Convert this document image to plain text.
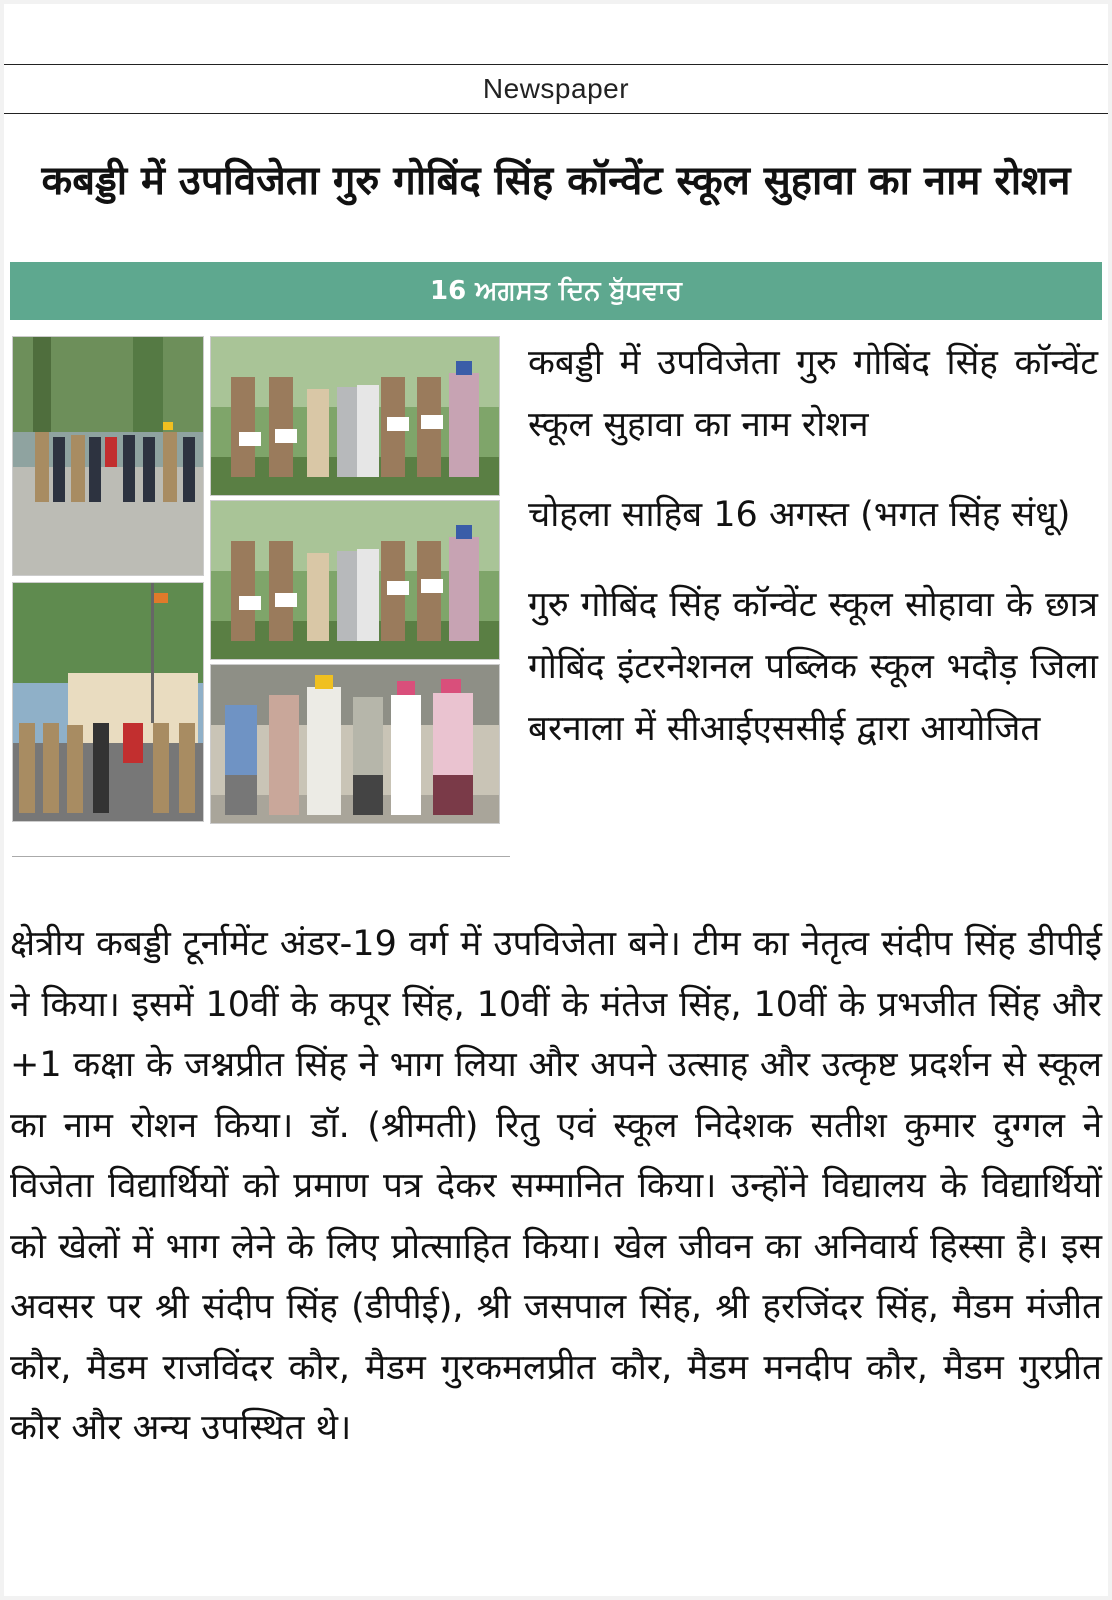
Newspaper
कबड्डी में उपविजेता गुरु गोबिंद सिंह कॉन्वेंट स्कूल सुहावा का नाम रोशन
16 ਅਗਸਤ ਦਿਨ ਬੁੱਧਵਾਰ

कबड्डी में उपविजेता गुरु गोबिंद सिंह कॉन्वेंट स्कूल सुहावा का नाम रोशन

चोहला साहिब 16 अगस्त (भगत सिंह संधू)

गुरु गोबिंद सिंह कॉन्वेंट स्कूल सोहावा के छात्र गोबिंद इंटरनेशनल पब्लिक स्कूल भदौड़ जिला बरनाला में सीआईएससीई द्वारा आयोजित

क्षेत्रीय कबड्डी टूर्नामेंट अंडर-19 वर्ग में उपविजेता बने। टीम का नेतृत्व संदीप सिंह डीपीई ने किया। इसमें 10वीं के कपूर सिंह, 10वीं के मंतेज सिंह, 10वीं के प्रभजीत सिंह और +1 कक्षा के जश्नप्रीत सिंह ने भाग लिया और अपने उत्साह और उत्कृष्ट प्रदर्शन से स्कूल का नाम रोशन किया। डॉ. (श्रीमती) रितु एवं स्कूल निदेशक सतीश कुमार दुग्गल ने विजेता विद्यार्थियों को प्रमाण पत्र देकर सम्मानित किया। उन्होंने विद्यालय के विद्यार्थियों को खेलों में भाग लेने के लिए प्रोत्साहित किया। खेल जीवन का अनिवार्य हिस्सा है। इस अवसर पर श्री संदीप सिंह (डीपीई), श्री जसपाल सिंह, श्री हरजिंदर सिंह, मैडम मंजीत कौर, मैडम राजविंदर कौर, मैडम गुरकमलप्रीत कौर, मैडम मनदीप कौर, मैडम गुरप्रीत कौर और अन्य उपस्थित थे।
